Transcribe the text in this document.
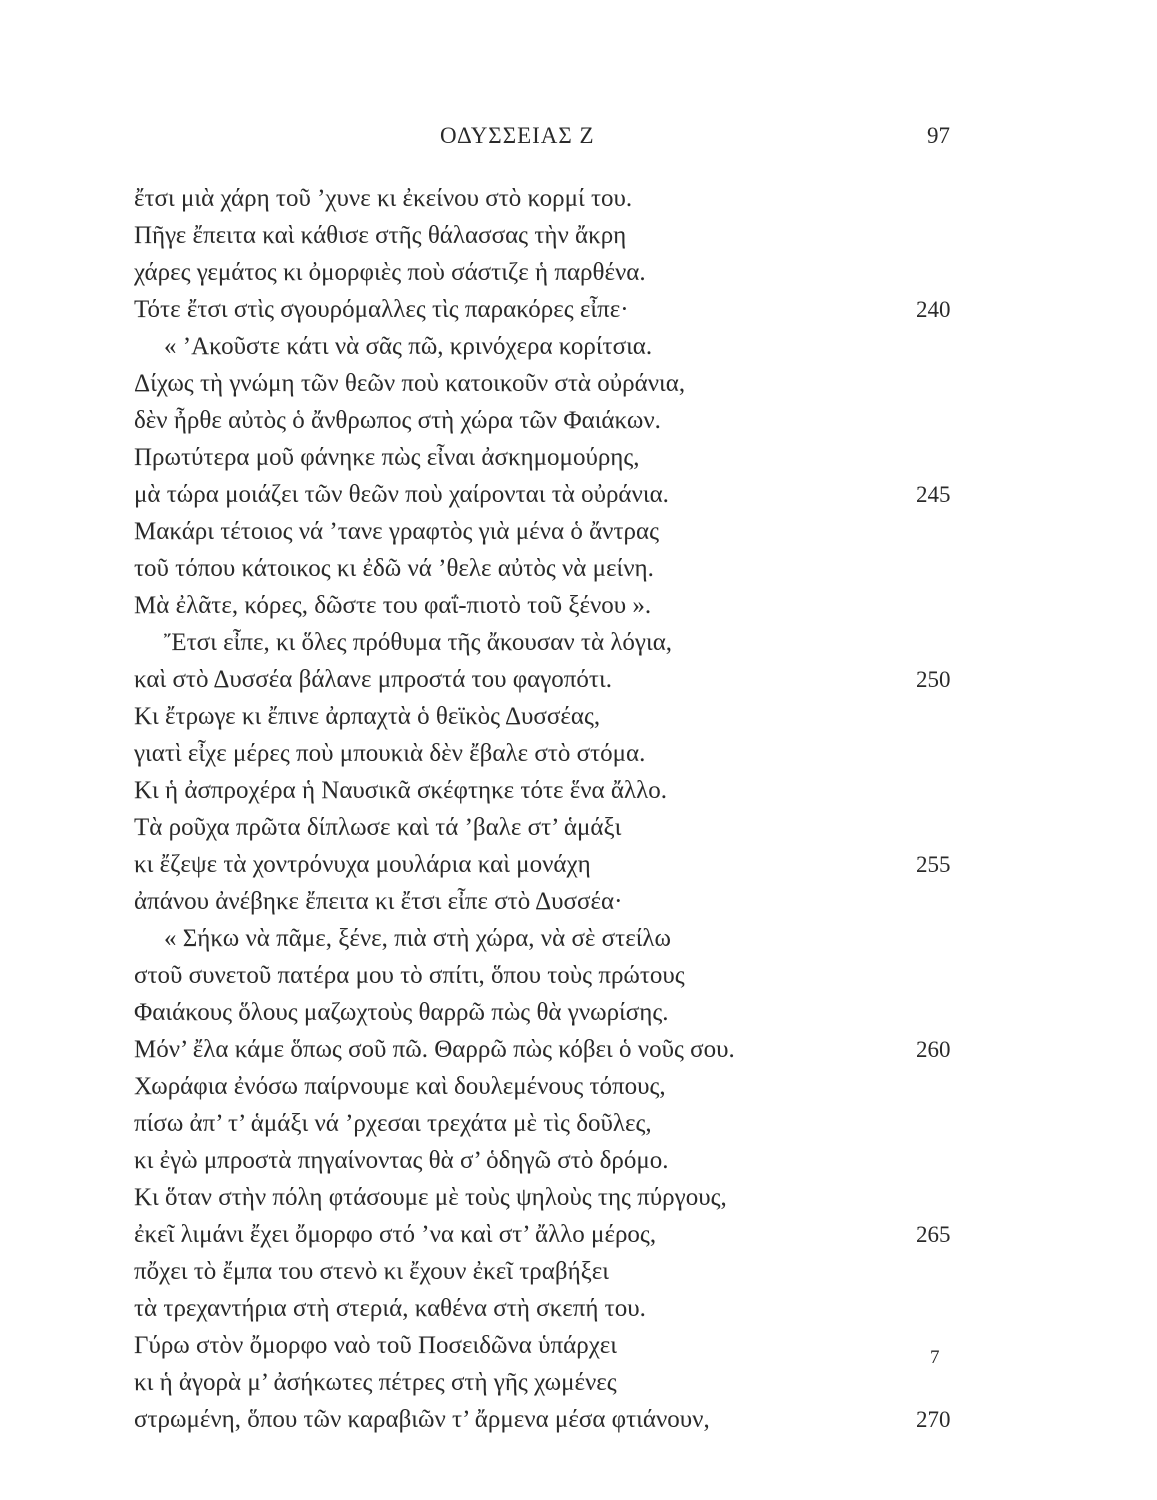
ΟΔΥΣΣΕΙΑΣ Ζ	97
ἔτσι μιὰ χάρη τοῦ ’χυνε κι ἐκείνου στὸ κορμί του.
Πῆγε ἔπειτα καὶ κάθισε στῆς θάλασσας τὴν ἄκρη
χάρες γεμάτος κι ὀμορφιὲς ποὺ σάστιζε ἡ παρθένα.
Τότε ἔτσι στὶς σγουρόμαλλες τὶς παρακόρες εἶπε·	240
« ’Ακοῦστε κάτι νὰ σᾶς πῶ, κρινόχερα κορίτσια.
Δίχως τὴ γνώμη τῶν θεῶν ποὺ κατοικοῦν στὰ οὐράνια,
δὲν ἦρθε αὐτὸς ὁ ἄνθρωπος στὴ χώρα τῶν Φαιάκων.
Πρωτύτερα μοῦ φάνηκε πὼς εἶναι ἀσκημομούρης,
μὰ τώρα μοιάζει τῶν θεῶν ποὺ χαίρονται τὰ οὐράνια.	245
Μακάρι τέτοιος νά ’τανε γραφτὸς γιὰ μένα ὁ ἄντρας
τοῦ τόπου κάτοικος κι ἐδῶ νά ’θελε αὐτὸς νὰ μείνη.
Μὰ ἐλᾶτε, κόρες, δῶστε του φαΐ-πιοτὸ τοῦ ξένου ».
Ἔτσι εἶπε, κι ὅλες πρόθυμα τῆς ἄκουσαν τὰ λόγια,
καὶ στὸ Δυσσέα βάλανε μπροστά του φαγοπότι.	250
Κι ἔτρωγε κι ἔπινε ἀρπαχτὰ ὁ θεϊκὸς Δυσσέας,
γιατὶ εἶχε μέρες ποὺ μπουκιὰ δὲν ἔβαλε στὸ στόμα.
Κι ἡ ἀσπροχέρα ἡ Ναυσικᾶ σκέφτηκε τότε ἕνα ἄλλο.
Τὰ ροῦχα πρῶτα δίπλωσε καὶ τά ’βαλε στ’ ἁμάξι
κι ἔζεψε τὰ χοντρόνυχα μουλάρια καὶ μονάχη	255
ἀπάνου ἀνέβηκε ἔπειτα κι ἔτσι εἶπε στὸ Δυσσέα·
« Σήκω νὰ πᾶμε, ξένε, πιὰ στὴ χώρα, νὰ σὲ στείλω
στοῦ συνετοῦ πατέρα μου τὸ σπίτι, ὅπου τοὺς πρώτους
Φαιάκους ὅλους μαζωχτοὺς θαρρῶ πὼς θὰ γνωρίσης.
Μόν’ ἔλα κάμε ὅπως σοῦ πῶ. Θαρρῶ πὼς κόβει ὁ νοῦς σου.	260
Χωράφια ἐνόσω παίρνουμε καὶ δουλεμένους τόπους,
πίσω ἀπ’ τ’ ἁμάξι νά ’ρχεσαι τρεχάτα μὲ τὶς δοῦλες,
κι ἐγὼ μπροστὰ πηγαίνοντας θὰ σ’ ὁδηγῶ στὸ δρόμο.
Κι ὅταν στὴν πόλη φτάσουμε μὲ τοὺς ψηλοὺς της πύργους,
ἐκεῖ λιμάνι ἔχει ὄμορφο στό ’να καὶ στ’ ἄλλο μέρος,	265
πὄχει τὸ ἔμπα του στενὸ κι ἔχουν ἐκεῖ τραβήξει
τὰ τρεχαντήρια στὴ στεριά, καθένα στὴ σκεπή του.
Γύρω στὸν ὄμορφο ναὸ τοῦ Ποσειδῶνα ὑπάρχει
κι ἡ ἀγορὰ μ’ ἀσήκωτες πέτρες στὴ γῆς χωμένες
στρωμένη, ὅπου τῶν καραβιῶν τ’ ἄρμενα μέσα φτιάνουν,	270
7
